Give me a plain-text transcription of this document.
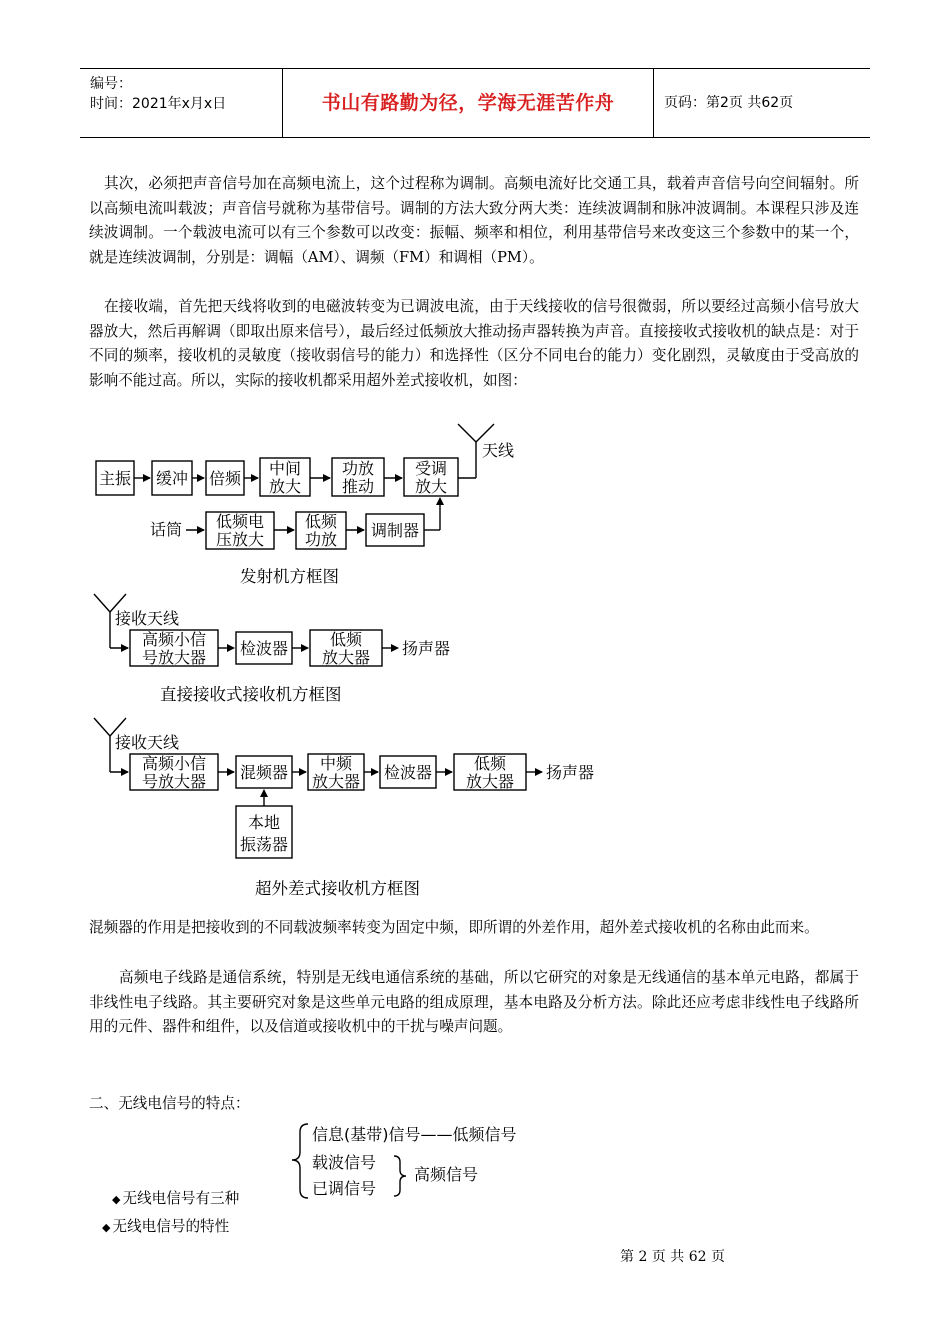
编号：
时间：2021年x月x日	书山有路勤为径，学海无涯苦作舟	页码：第2页 共62页

其次，必须把声音信号加在高频电流上，这个过程称为调制。高频电流好比交通工具，载着声音信号向空间辐射。所以高频电流叫载波；声音信号就称为基带信号。调制的方法大致分两大类：连续波调制和脉冲波调制。本课程只涉及连续波调制。一个载波电流可以有三个参数可以改变：振幅、频率和相位，利用基带信号来改变这三个参数中的某一个，就是连续波调制，分别是：调幅（AM）、调频（FM）和调相（PM）。

在接收端，首先把天线将收到的电磁波转变为已调波电流，由于天线接收的信号很微弱，所以要经过高频小信号放大器放大，然后再解调（即取出原来信号），最后经过低频放大推动扬声器转换为声音。直接接收式接收机的缺点是：对于不同的频率，接收机的灵敏度（接收弱信号的能力）和选择性（区分不同电台的能力）变化剧烈，灵敏度由于受高放的影响不能过高。所以，实际的接收机都采用超外差式接收机，如图：

主振 缓冲 倍频
中间
放大
功放
推动
受调
放大
天线
话筒 低频电
压放大
低频
功放 调制器
发射机方框图
接收天线
高频小信
号放大器 检波器	低频
放大器 扬声器
直接接收式接收机方框图
接收天线
高频小信
号放大器 混频器 中频
放大器 检波器	低频
放大器 扬声器
本地
振荡器
超外差式接收机方框图

混频器的作用是把接收到的不同载波频率转变为固定中频，即所谓的外差作用，超外差式接收机的名称由此而来。

高频电子线路是通信系统，特别是无线电通信系统的基础，所以它研究的对象是无线通信的基本单元电路，都属于非线性电子线路。其主要研究对象是这些单元电路的组成原理，基本电路及分析方法。除此还应考虑非线性电子线路所用的元件、器件和组件，以及信道或接收机中的干扰与噪声问题。

二、无线电信号的特点：

信息(基带)信号——低频信号
载波信号
已调信号
高频信号
◆ 无线电信号有三种
◆ 无线电信号的特性
第 2 页 共 62 页
